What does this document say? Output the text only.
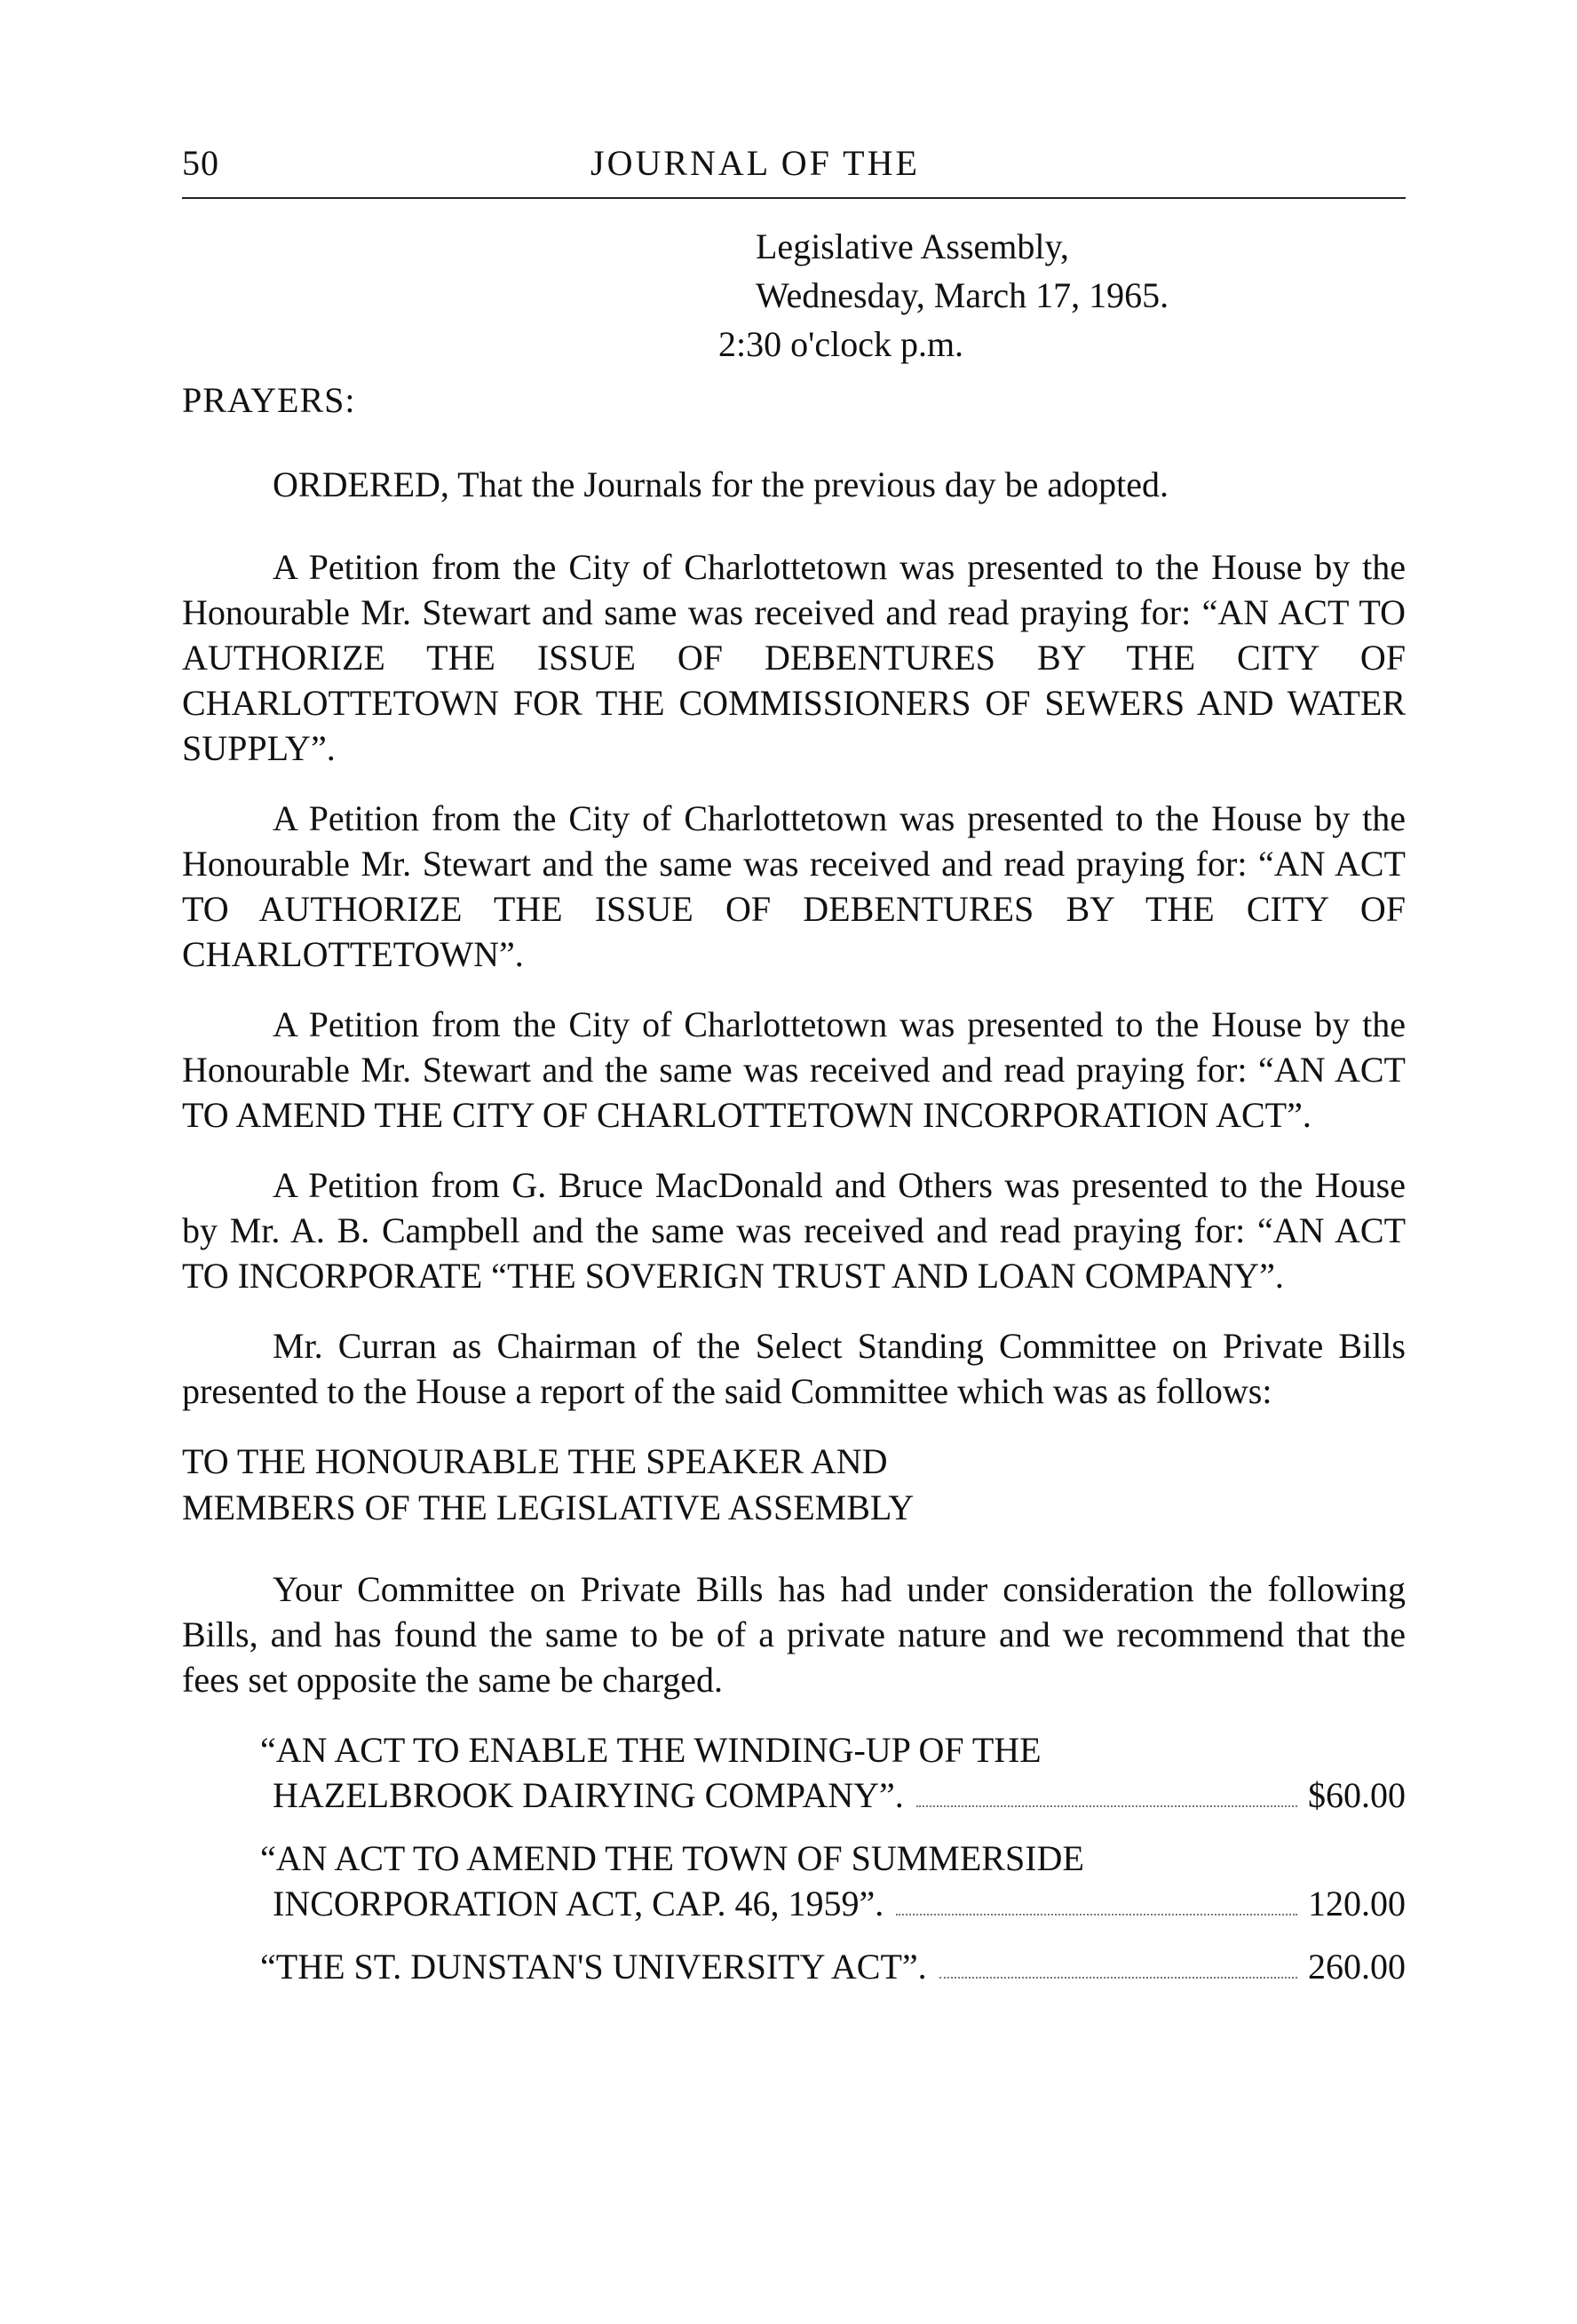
50	JOURNAL OF THE
Legislative Assembly,
Wednesday, March 17, 1965.
2:30 o'clock p.m.
PRAYERS:

ORDERED, That the Journals for the previous day be adopted.

A Petition from the City of Charlottetown was presented to the House by the Honourable Mr. Stewart and same was received and read praying for: “AN ACT TO AUTHORIZE THE ISSUE OF DEBENTURES BY THE CITY OF CHARLOTTETOWN FOR THE COMMISSIONERS OF SEWERS AND WATER SUPPLY”.

A Petition from the City of Charlottetown was presented to the House by the Honourable Mr. Stewart and the same was received and read praying for: “AN ACT TO AUTHORIZE THE ISSUE OF DEBENTURES BY THE CITY OF CHARLOTTETOWN”.

A Petition from the City of Charlottetown was presented to the House by the Honourable Mr. Stewart and the same was received and read praying for: “AN ACT TO AMEND THE CITY OF CHARLOTTETOWN INCORPORATION ACT”.

A Petition from G. Bruce MacDonald and Others was presented to the House by Mr. A. B. Campbell and the same was received and read praying for: “AN ACT TO INCORPORATE “THE SOVERIGN TRUST AND LOAN COMPANY”.

Mr. Curran as Chairman of the Select Standing Committee on Private Bills presented to the House a report of the said Committee which was as follows:

TO THE HONOURABLE THE SPEAKER AND
MEMBERS OF THE LEGISLATIVE ASSEMBLY

Your Committee on Private Bills has had under consideration the following Bills, and has found the same to be of a private nature and we recommend that the fees set opposite the same be charged.

“AN ACT TO ENABLE THE WINDING-UP OF THE
HAZELBROOK DAIRYING COMPANY”.	$60.00
“AN ACT TO AMEND THE TOWN OF SUMMERSIDE
INCORPORATION ACT, CAP. 46, 1959”.	120.00
“THE ST. DUNSTAN'S UNIVERSITY ACT”.	260.00
